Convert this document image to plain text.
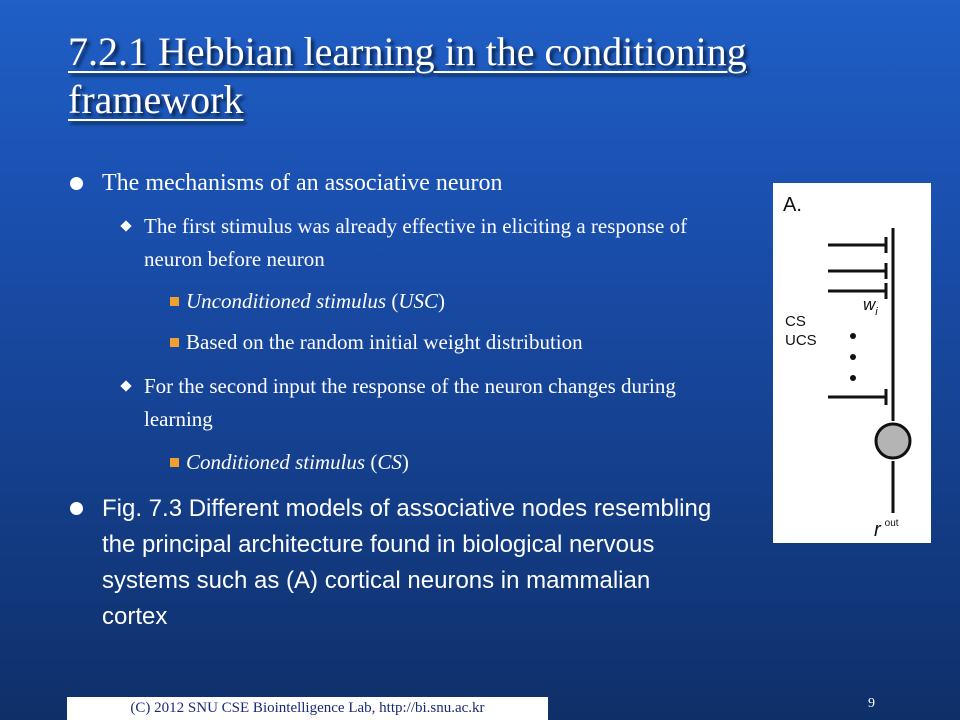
7.2.1 Hebbian learning in the conditioning framework
The mechanisms of an associative neuron
The first stimulus was already effective in eliciting a response of neuron before neuron
Unconditioned stimulus (USC)
Based on the random initial weight distribution
For the second input the response of the neuron changes during learning
Conditioned stimulus (CS)
Fig. 7.3 Different models of associative nodes resembling the principal architecture found in biological nervous systems such as (A) cortical neurons in mammalian cortex
A.
$w_i$
CS
UCS
r $^{out}$
(C) 2012 SNU CSE Biointelligence Lab, http://bi.snu.ac.kr	9
